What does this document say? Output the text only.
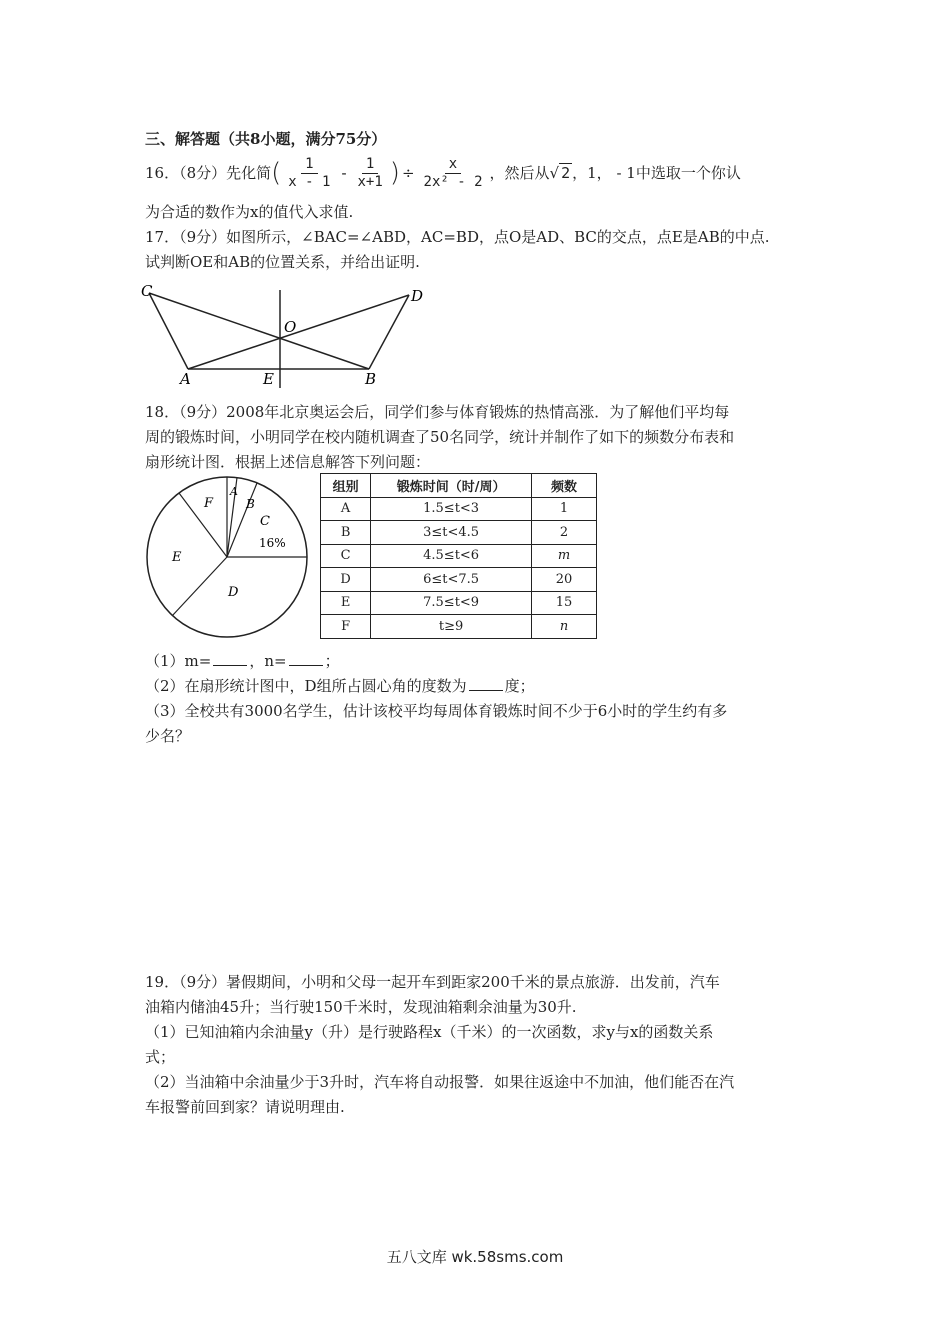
三、解答题（共8小题，满分75分）
16．（8分）先化简 ( $\frac{1}{x - 1} - \frac{1}{x+1}$ ) ÷ $\frac{x}{\text{2x² - 2}}$ ，然后从 √ 2 ，1， - 1中选取一个你认
为合适的数作为x的值代入求值.
17．（9分）如图所示，∠BAC=∠ABD，AC=BD，点O是AD、BC的交点，点E是AB的中点.
试判断OE和AB的位置关系，并给出证明.
C	D
O
A	E	B
18．（9分）2008年北京奥运会后，同学们参与体育锻炼的热情高涨．为了解他们平均每
周的锻炼时间，小明同学在校内随机调查了50名同学，统计并制作了如下的频数分布表和
扇形统计图．根据上述信息解答下列问题：
A
B
C
16%
D
E
F
组别	锻炼时间（时/周）	频数
A	1.5≤t<3	1
B	3≤t<4.5	2
C	4.5≤t<6	m
D	6≤t<7.5	20
E	7.5≤t<9	15
F	t≥9	n
（1）m=	，n=	；
（2）在扇形统计图中，D组所占圆心角的度数为	度；
（3）全校共有3000名学生，估计该校平均每周体育锻炼时间不少于6小时的学生约有多
少名？
19．（9分）暑假期间，小明和父母一起开车到距家200千米的景点旅游．出发前，汽车
油箱内储油45升；当行驶150千米时，发现油箱剩余油量为30升.
（1）已知油箱内余油量y（升）是行驶路程x（千米）的一次函数，求y与x的函数关系
式；
（2）当油箱中余油量少于3升时，汽车将自动报警．如果往返途中不加油，他们能否在汽
车报警前回到家？请说明理由.
五八文库 wk.58sms.com
